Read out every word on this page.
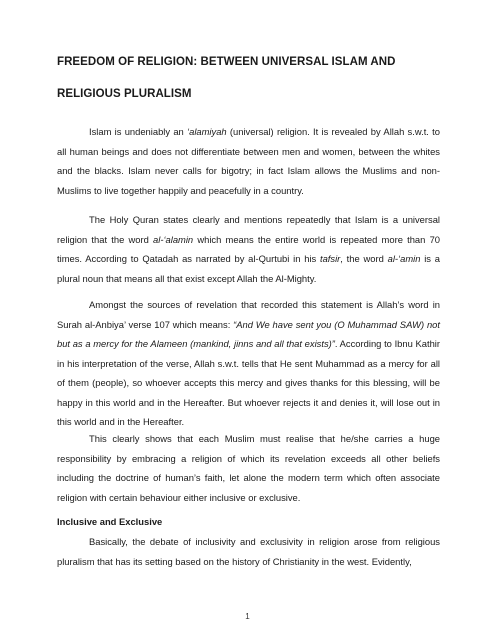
FREEDOM OF RELIGION: BETWEEN UNIVERSAL ISLAM AND
RELIGIOUS PLURALISM

Islam is undeniably an ‘alamiyah (universal) religion. It is revealed by Allah s.w.t. to all human beings and does not differentiate between men and women, between the whites and the blacks. Islam never calls for bigotry; in fact Islam allows the Muslims and non-Muslims to live together happily and peacefully in a country.

The Holy Quran states clearly and mentions repeatedly that Islam is a universal religion that the word al-‘alamin which means the entire world is repeated more than 70 times. According to Qatadah as narrated by al-Qurtubi in his tafsir, the word al-‘amin is a plural noun that means all that exist except Allah the Al-Mighty.

Amongst the sources of revelation that recorded this statement is Allah’s word in Surah al-Anbiya’ verse 107 which means: “And We have sent you (O Muhammad SAW) not but as a mercy for the Alameen (mankind, jinns and all that exists)”. According to Ibnu Kathir in his interpretation of the verse, Allah s.w.t. tells that He sent Muhammad as a mercy for all of them (people), so whoever accepts this mercy and gives thanks for this blessing, will be happy in this world and in the Hereafter. But whoever rejects it and denies it, will lose out in this world and in the Hereafter.

This clearly shows that each Muslim must realise that he/she carries a huge responsibility by embracing a religion of which its revelation exceeds all other beliefs including the doctrine of human’s faith, let alone the modern term which often associate religion with certain behaviour either inclusive or exclusive.

Inclusive and Exclusive

Basically, the debate of inclusivity and exclusivity in religion arose from religious pluralism that has its setting based on the history of Christianity in the west. Evidently,

1
